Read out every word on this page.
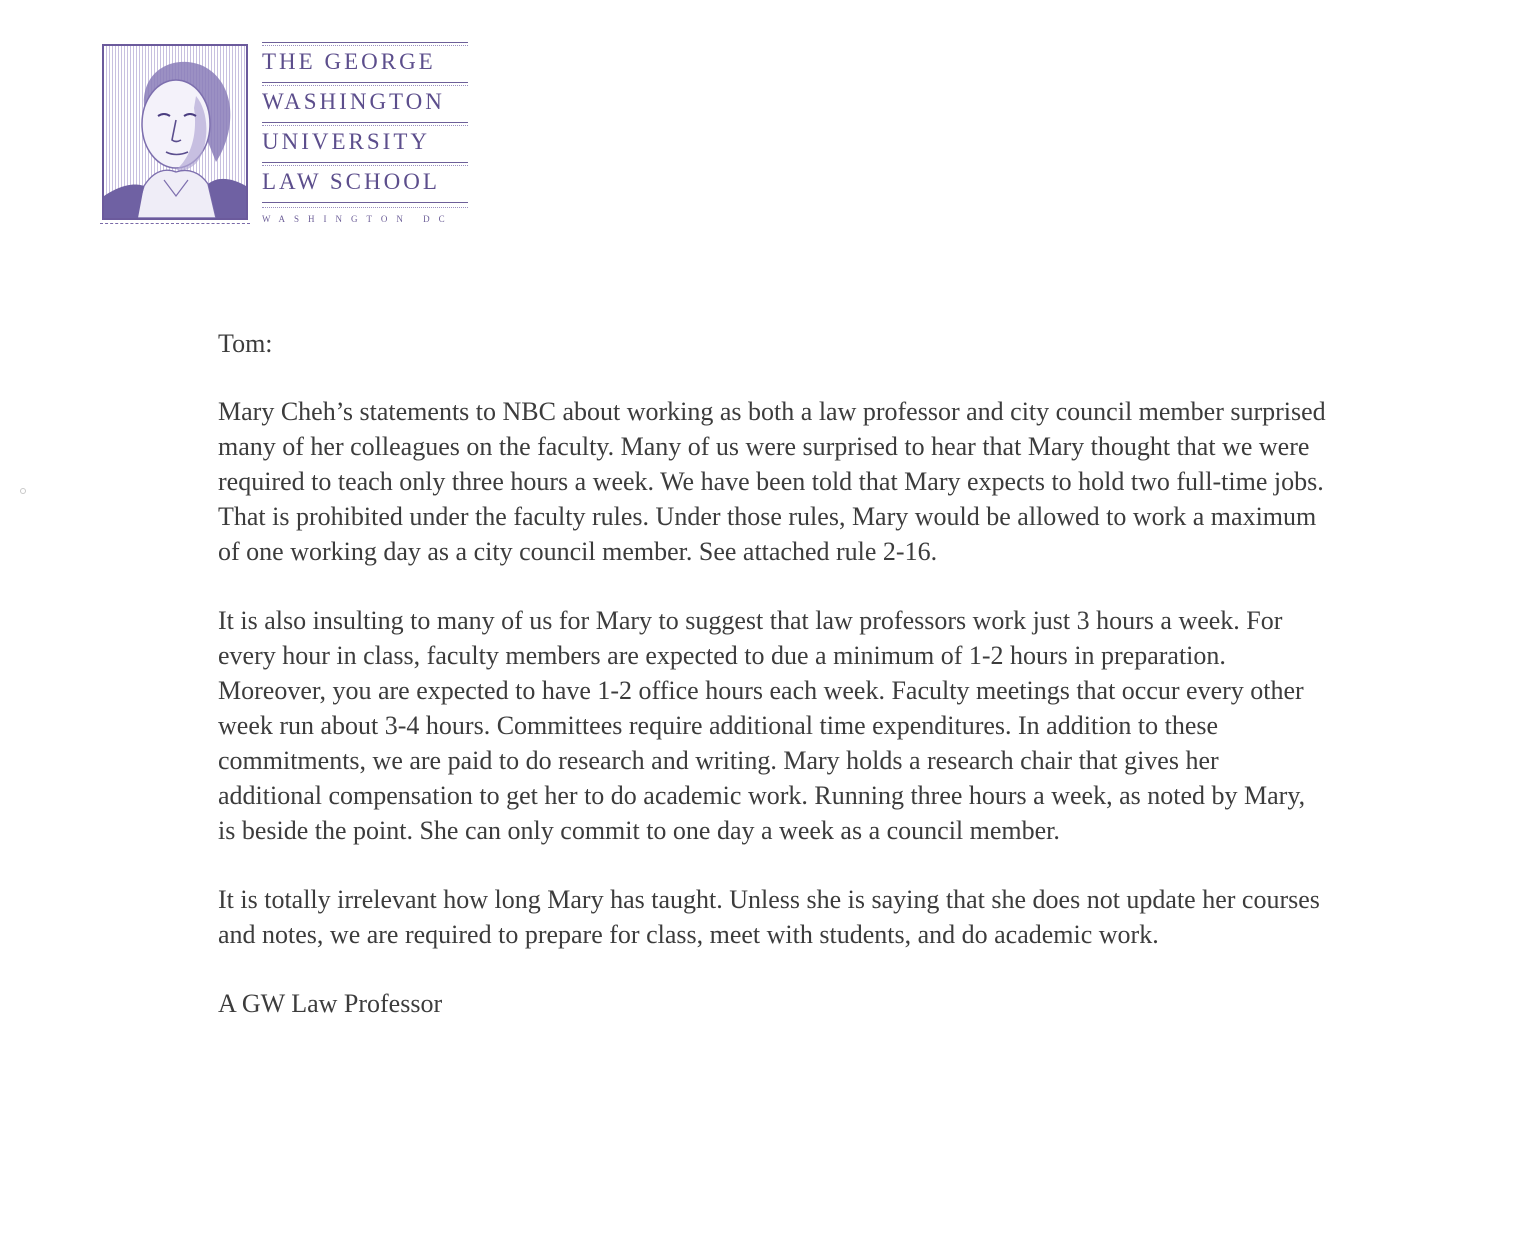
THE GEORGE
WASHINGTON
UNIVERSITY
LAW SCHOOL
WASHINGTON DC

Tom:

Mary Cheh’s statements to NBC about working as both a law professor and city council member surprised many of her colleagues on the faculty. Many of us were surprised to hear that Mary thought that we were required to teach only three hours a week. We have been told that Mary expects to hold two full-time jobs. That is prohibited under the faculty rules. Under those rules, Mary would be allowed to work a maximum of one working day as a city council member. See attached rule 2-16.

It is also insulting to many of us for Mary to suggest that law professors work just 3 hours a week. For every hour in class, faculty members are expected to due a minimum of 1-2 hours in preparation. Moreover, you are expected to have 1-2 office hours each week. Faculty meetings that occur every other week run about 3-4 hours. Committees require additional time expenditures. In addition to these commitments, we are paid to do research and writing. Mary holds a research chair that gives her additional compensation to get her to do academic work. Running three hours a week, as noted by Mary, is beside the point. She can only commit to one day a week as a council member.

It is totally irrelevant how long Mary has taught. Unless she is saying that she does not update her courses and notes, we are required to prepare for class, meet with students, and do academic work.

A GW Law Professor
